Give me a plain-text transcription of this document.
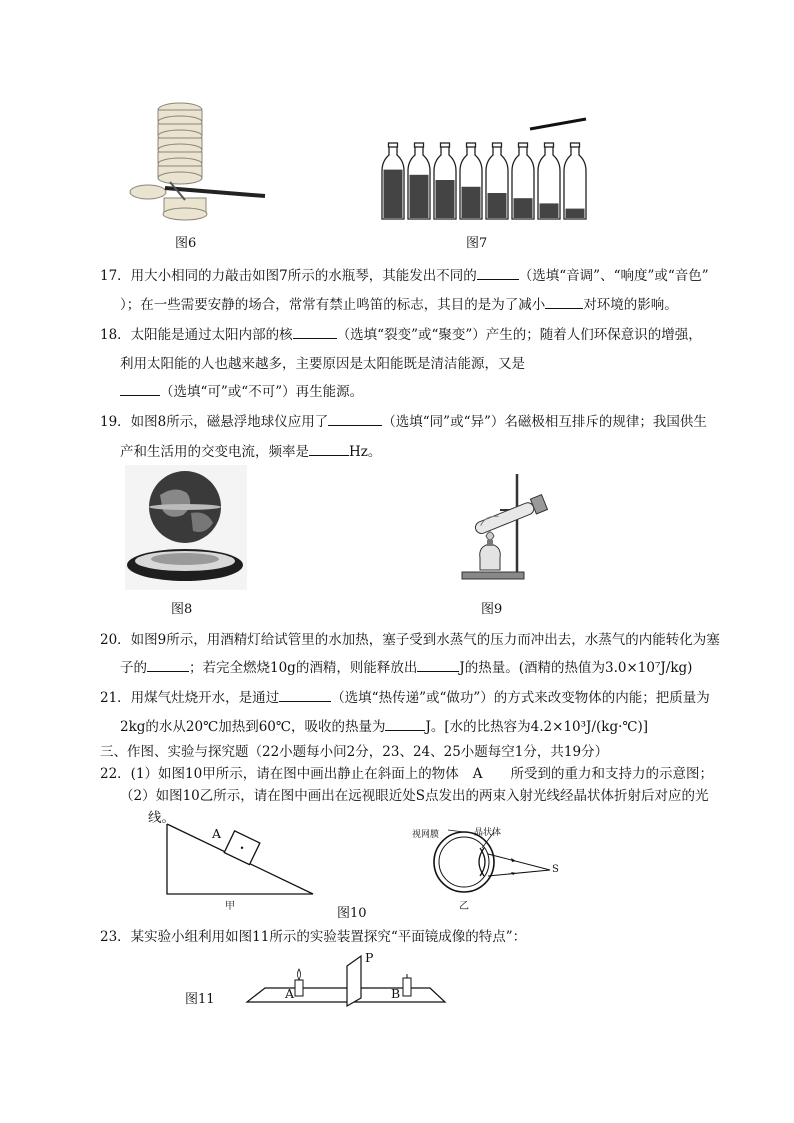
图6	图7
17．用大小相同的力敲击如图7所示的水瓶琴，其能发出不同的	（选填“音调”、“响度”或“音色”
）；在一些需要安静的场合，常常有禁止鸣笛的标志，其目的是为了减小	对环境的影响。
18．太阳能是通过太阳内部的核	（选填“裂变”或“聚变”）产生的；随着人们环保意识的增强，
利用太阳能的人也越来越多，主要原因是太阳能既是清洁能源，又是
（选填“可”或“不可”）再生能源。
19．如图8所示，磁悬浮地球仪应用了	（选填“同”或“异”）名磁极相互排斥的规律；我国供生
产和生活用的交变电流，频率是	Hz。
图8	图9
20．如图9所示，用酒精灯给试管里的水加热，塞子受到水蒸气的压力而冲出去，水蒸气的内能转化为塞
子的	；若完全燃烧10g的酒精，则能释放出	J的热量。(酒精的热值为3.0×10⁷J/kg)
21．用煤气灶烧开水，是通过	（选填“热传递”或“做功”）的方式来改变物体的内能；把质量为
2kg的水从20℃加热到60℃，吸收的热量为	J。[水的比热容为4.2×10³J/(kg·℃)]
三、作图、实验与探究题（22小题每小问2分，23、24、25小题每空1分，共19分）
22．(1）如图10甲所示，请在图中画出静止在斜面上的物体 A 所受到的重力和支持力的示意图；
（2）如图10乙所示，请在图中画出在远视眼近处S点发出的两束入射光线经晶状体折射后对应的光
线。
A
甲
视网膜	晶状体
S
乙
图10
23．某实验小组利用如图11所示的实验装置探究“平面镜成像的特点”：
图11
P
A	B
